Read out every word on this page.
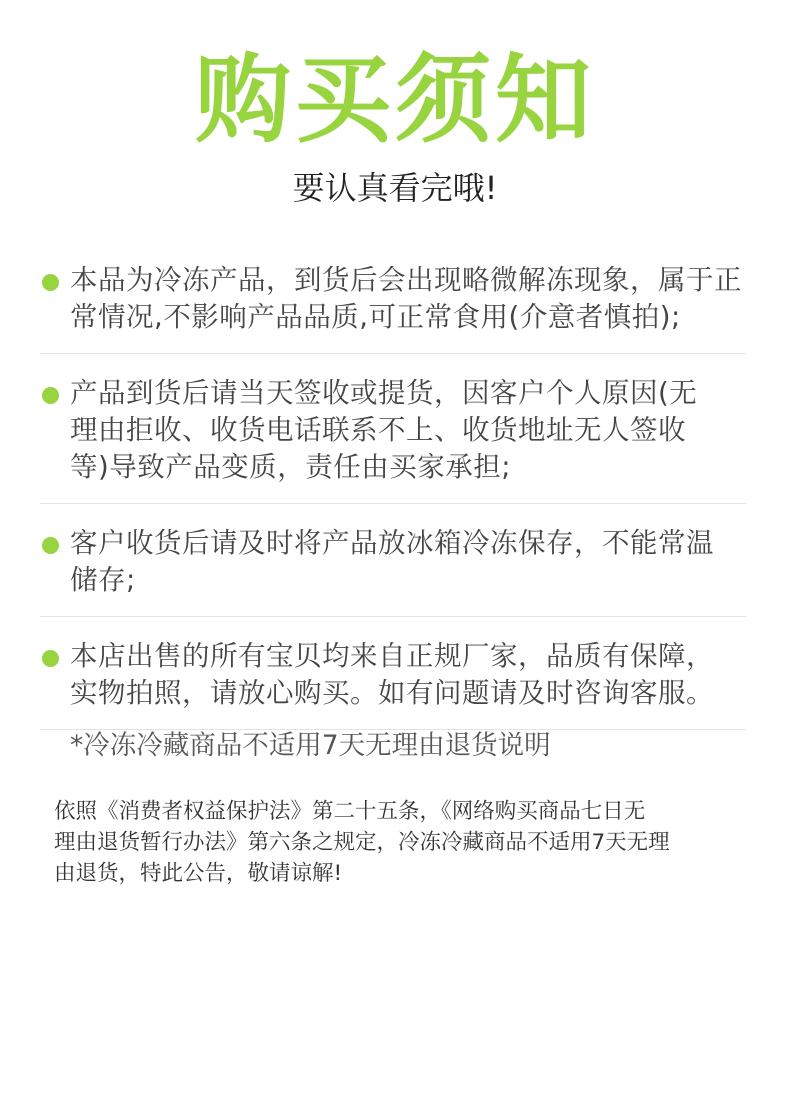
购买须知
要认真看完哦!
本品为冷冻产品，到货后会出现略微解冻现象，属于正
常情况,不影响产品品质,可正常食用(介意者慎拍);
产品到货后请当天签收或提货，因客户个人原因(无
理由拒收、收货电话联系不上、收货地址无人签收
等)导致产品变质，责任由买家承担;
客户收货后请及时将产品放冰箱冷冻保存，不能常温
储存;
本店出售的所有宝贝均来自正规厂家，品质有保障，
实物拍照，请放心购买。如有问题请及时咨询客服。
*冷冻冷藏商品不适用7天无理由退货说明
依照《消费者权益保护法》第二十五条，《网络购买商品七日无
理由退货暂行办法》第六条之规定，冷冻冷藏商品不适用7天无理
由退货，特此公告，敬请谅解!
